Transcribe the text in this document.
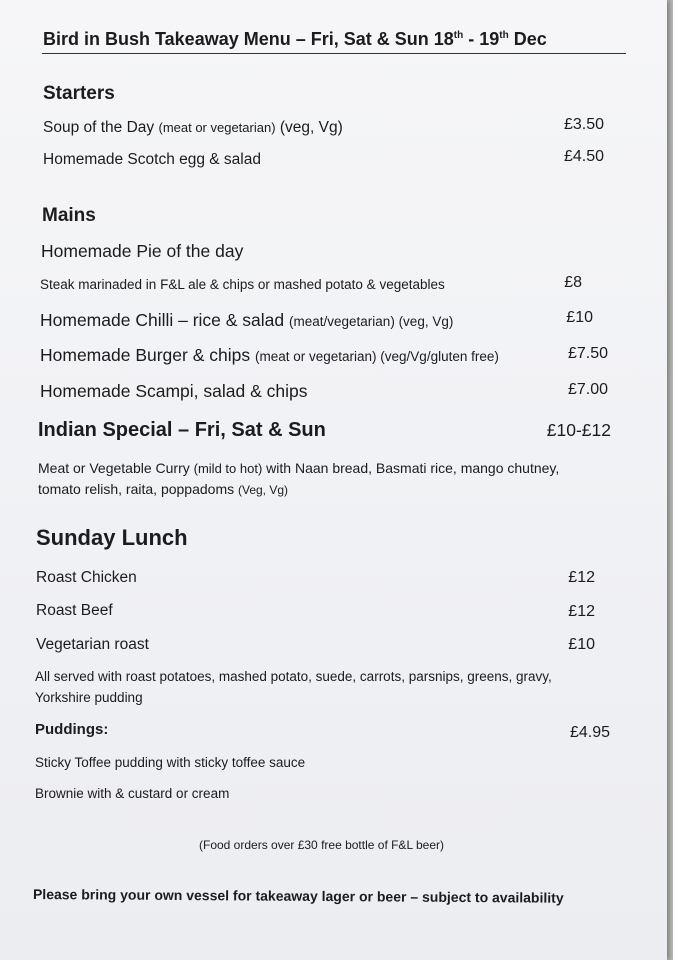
Bird in Bush Takeaway Menu – Fri, Sat & Sun 18th - 19th Dec
Starters
Soup of the Day (meat or vegetarian) (veg, Vg)	£3.50
Homemade Scotch egg & salad	£4.50
Mains
Homemade Pie of the day
Steak marinaded in F&L ale & chips or mashed potato & vegetables	£8
Homemade Chilli – rice & salad (meat/vegetarian) (veg, Vg)	£10
Homemade Burger & chips (meat or vegetarian) (veg/Vg/gluten free)	£7.50
Homemade Scampi, salad & chips	£7.00
Indian Special – Fri, Sat & Sun	£10-£12
Meat or Vegetable Curry (mild to hot) with Naan bread, Basmati rice, mango chutney,
tomato relish, raita, poppadoms (Veg, Vg)
Sunday Lunch
Roast Chicken	£12
Roast Beef	£12
Vegetarian roast	£10
All served with roast potatoes, mashed potato, suede, carrots, parsnips, greens, gravy,
Yorkshire pudding
Puddings:	£4.95
Sticky Toffee pudding with sticky toffee sauce
Brownie with & custard or cream
(Food orders over £30 free bottle of F&L beer)
Please bring your own vessel for takeaway lager or beer – subject to availability
